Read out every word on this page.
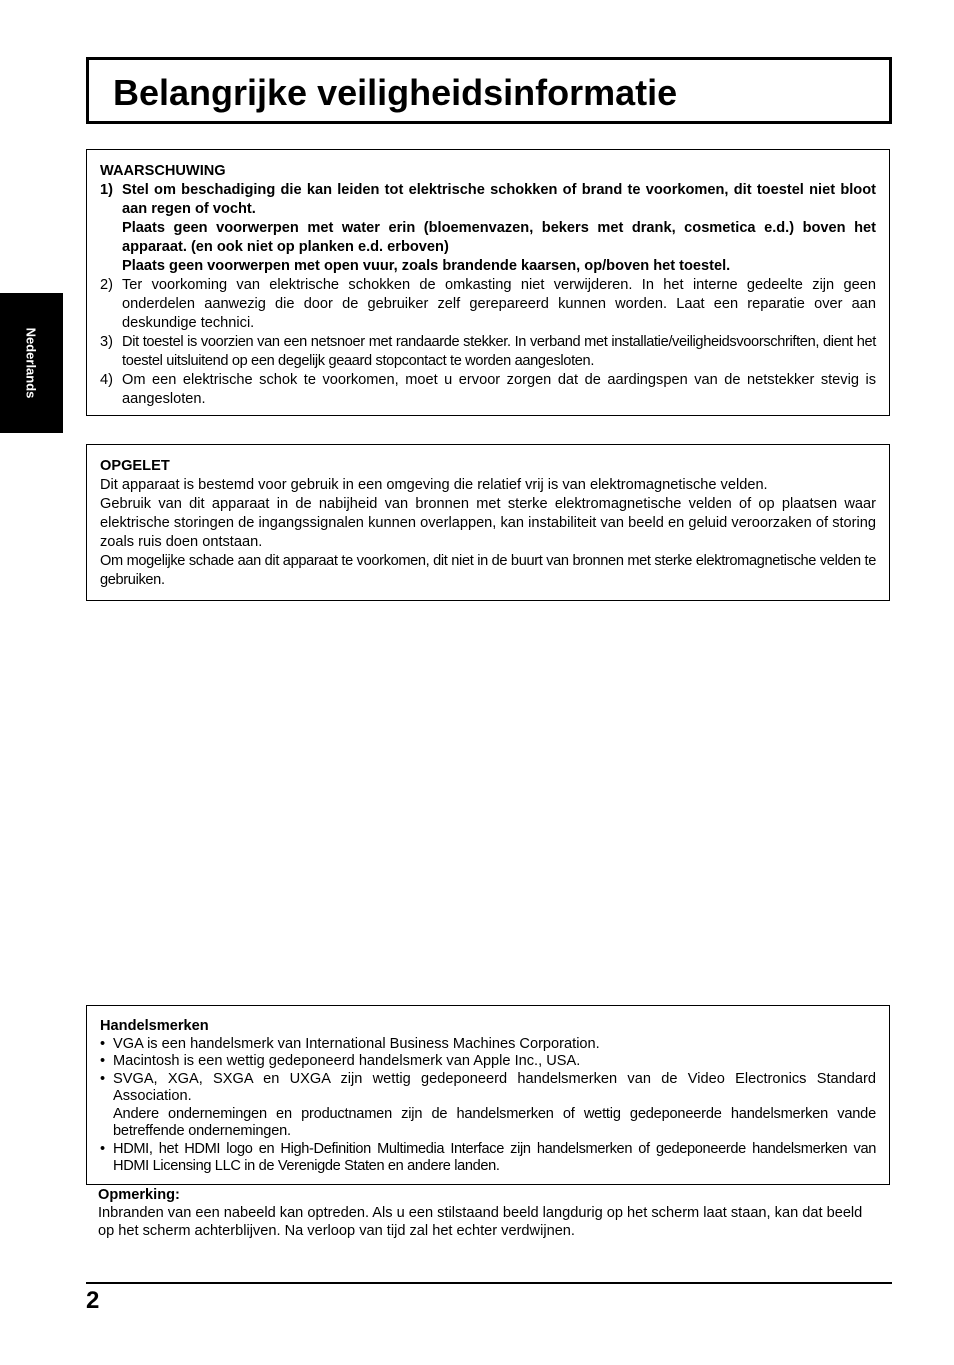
Belangrijke veiligheidsinformatie
Nederlands
WAARSCHUWING
1) Stel om beschadiging die kan leiden tot elektrische schokken of brand te voorkomen, dit toestel niet bloot aan regen of vocht.
Plaats geen voorwerpen met water erin (bloemenvazen, bekers met drank, cosmetica e.d.) boven het apparaat. (en ook niet op planken e.d. erboven)
Plaats geen voorwerpen met open vuur, zoals brandende kaarsen, op/boven het toestel.
2) Ter voorkoming van elektrische schokken de omkasting niet verwijderen. In het interne gedeelte zijn geen onderdelen aanwezig die door de gebruiker zelf gerepareerd kunnen worden. Laat een reparatie over aan deskundige technici.
3) Dit toestel is voorzien van een netsnoer met randaarde stekker. In verband met installatie/veiligheidsvoorschriften, dient het toestel uitsluitend op een degelijk geaard stopcontact te worden aangesloten.
4) Om een elektrische schok te voorkomen, moet u ervoor zorgen dat de aardingspen van de netstekker stevig is aangesloten.
OPGELET
Dit apparaat is bestemd voor gebruik in een omgeving die relatief vrij is van elektromagnetische velden.
Gebruik van dit apparaat in de nabijheid van bronnen met sterke elektromagnetische velden of op plaatsen waar elektrische storingen de ingangssignalen kunnen overlappen, kan instabiliteit van beeld en geluid veroorzaken of storing zoals ruis doen ontstaan.
Om mogelijke schade aan dit apparaat te voorkomen, dit niet in de buurt van bronnen met sterke elektromagnetische velden te gebruiken.
Handelsmerken
• VGA is een handelsmerk van International Business Machines Corporation.
• Macintosh is een wettig gedeponeerd handelsmerk van Apple Inc., USA.
• SVGA, XGA, SXGA en UXGA zijn wettig gedeponeerd handelsmerken van de Video Electronics Standard Association.
Andere ondernemingen en productnamen zijn de handelsmerken of wettig gedeponeerde handelsmerken vande betreffende ondernemingen.
• HDMI, het HDMI logo en High-Definition Multimedia Interface zijn handelsmerken of gedeponeerde handelsmerken van HDMI Licensing LLC in de Verenigde Staten en andere landen.
Opmerking:
Inbranden van een nabeeld kan optreden. Als u een stilstaand beeld langdurig op het scherm laat staan, kan dat beeld op het scherm achterblijven. Na verloop van tijd zal het echter verdwijnen.
2
